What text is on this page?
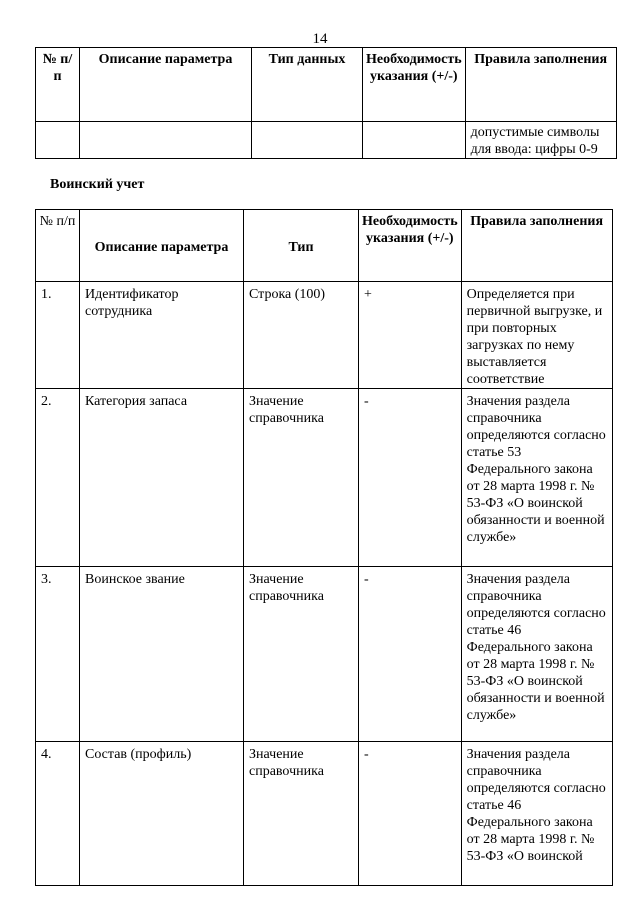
14
№ п/п	Описание параметра	Тип данных	Необходимость указания (+/-)	Правила заполнения

				допустимые символы для ввода: цифры 0-9
Воинский учет
№ п/п	Описание параметра	Тип	Необходимость указания (+/-)	Правила заполнения

1.	Идентификатор сотрудника	Строка (100)	+	Определяется при первичной выгрузке, и при повторных загрузках по нему выставляется соответствие

2.	Категория запаса	Значение справочника	-	Значения раздела справочника определяются согласно статье 53 Федерального закона от 28 марта 1998 г. № 53-ФЗ «О воинской обязанности и военной службе»

3.	Воинское звание	Значение справочника	-	Значения раздела справочника определяются согласно статье 46 Федерального закона от 28 марта 1998 г. № 53-ФЗ «О воинской обязанности и военной службе»

4.	Состав (профиль)	Значение справочника	-	Значения раздела справочника определяются согласно статье 46 Федерального закона от 28 марта 1998 г. № 53-ФЗ «О воинской
